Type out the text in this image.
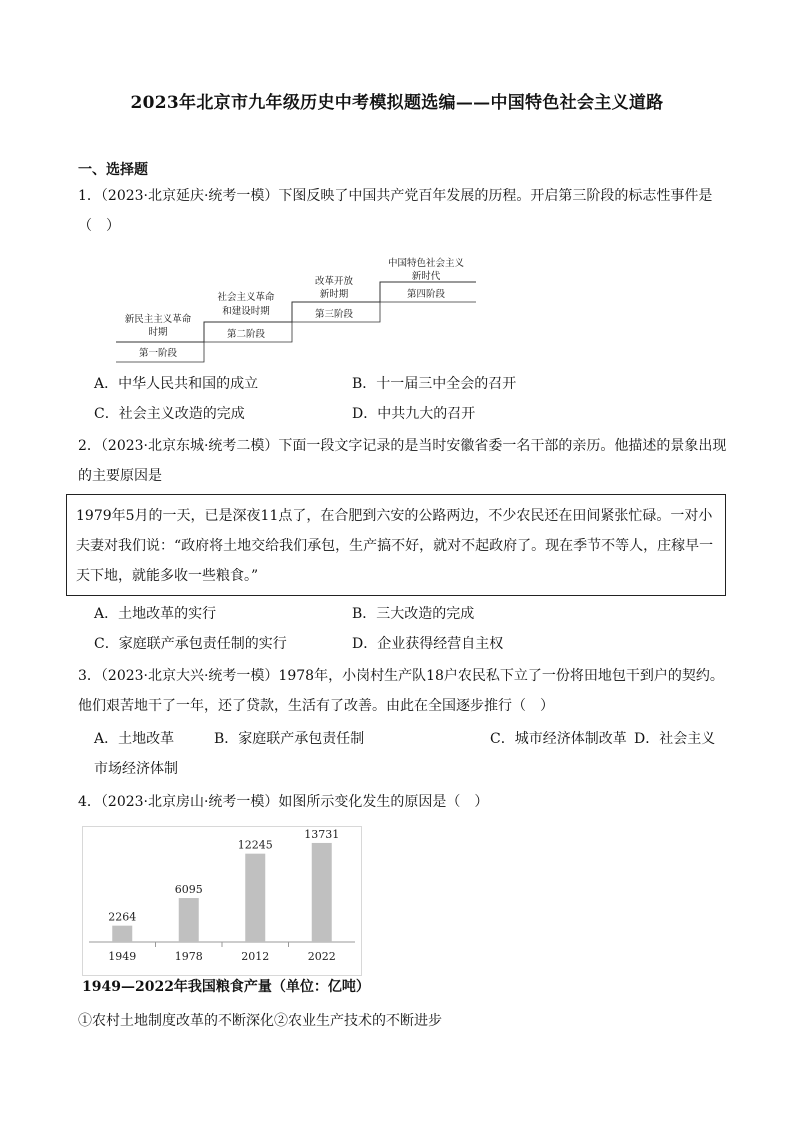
2023年北京市九年级历史中考模拟题选编——中国特色社会主义道路
一、选择题
1．（2023·北京延庆·统考一模）下图反映了中国共产党百年发展的历程。开启第三阶段的标志性事件是
（　）
新民主主义革命
时期
第一阶段
社会主义革命
和建设时期
第二阶段
改革开放
新时期
第三阶段
中国特色社会主义
新时代
第四阶段
A．中华人民共和国的成立	B．十一届三中全会的召开
C．社会主义改造的完成	D．中共九大的召开
2．（2023·北京东城·统考二模）下面一段文字记录的是当时安徽省委一名干部的亲历。他描述的景象出现
的主要原因是
1979年5月的一天，已是深夜11点了，在合肥到六安的公路两边，不少农民还在田间紧张忙碌。一对小
夫妻对我们说：“政府将土地交给我们承包，生产搞不好，就对不起政府了。现在季节不等人，庄稼早一
天下地，就能多收一些粮食。”
A．土地改革的实行	B．三大改造的完成
C．家庭联产承包责任制的实行	D．企业获得经营自主权
3．（2023·北京大兴·统考一模）1978年，小岗村生产队18户农民私下立了一份将田地包干到户的契约。
他们艰苦地干了一年，还了贷款，生活有了改善。由此在全国逐步推行（　）
A．土地改革	B．家庭联产承包责任制	C．城市经济体制改革 D．社会主义
市场经济体制
4．（2023·北京房山·统考一模）如图所示变化发生的原因是（　）
2264
1949
6095
1978
12245
2012
13731
2022
1949—2022年我国粮食产量（单位：亿吨）
①农村土地制度改革的不断深化②农业生产技术的不断进步
